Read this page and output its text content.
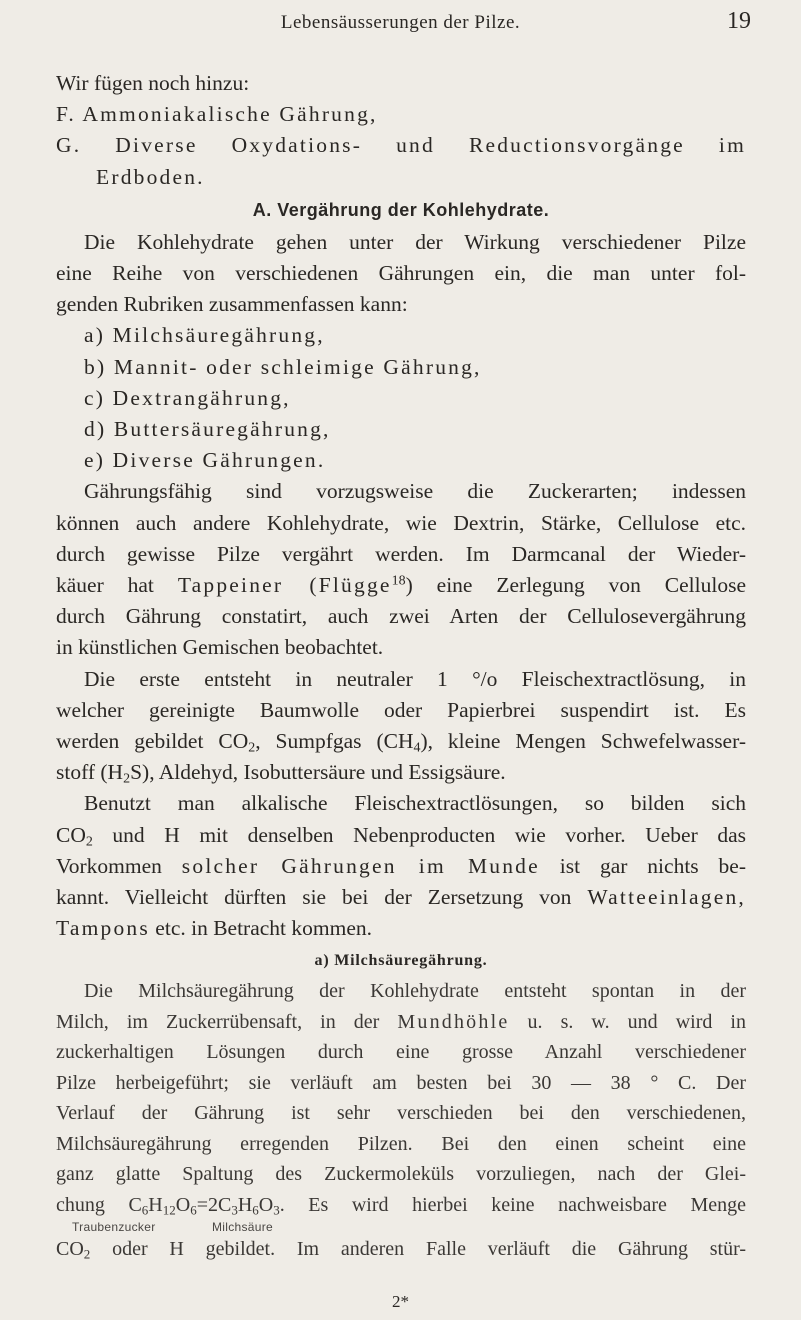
Lebensäusserungen der Pilze.	19
Wir fügen noch hinzu:
F. Ammoniakalische Gährung,
G. Diverse Oxydations- und Reductionsvorgänge im
Erdboden.
A. Vergährung der Kohlehydrate.
Die Kohlehydrate gehen unter der Wirkung verschiedener Pilze
eine Reihe von verschiedenen Gährungen ein, die man unter fol-
genden Rubriken zusammenfassen kann:
a) Milchsäuregährung,
b) Mannit- oder schleimige Gährung,
c) Dextrangährung,
d) Buttersäuregährung,
e) Diverse Gährungen.
Gährungsfähig sind vorzugsweise die Zuckerarten; indessen
können auch andere Kohlehydrate, wie Dextrin, Stärke, Cellulose etc.
durch gewisse Pilze vergährt werden. Im Darmcanal der Wieder-
käuer hat Tappeiner (Flügge$^{18}$) eine Zerlegung von Cellulose
durch Gährung constatirt, auch zwei Arten der Cellulosevergährung
in künstlichen Gemischen beobachtet.
Die erste entsteht in neutraler 1 °/o Fleischextractlösung, in
welcher gereinigte Baumwolle oder Papierbrei suspendirt ist. Es
werden gebildet $CO_2$, Sumpfgas $(CH_4)$, kleine Mengen Schwefelwasser-
stoff $(H_2S)$, Aldehyd, Isobuttersäure und Essigsäure.
Benutzt man alkalische Fleischextractlösungen, so bilden sich
$CO_2$ und H mit denselben Nebenproducten wie vorher. Ueber das
Vorkommen solcher Gährungen im Munde ist gar nichts be-
kannt. Vielleicht dürften sie bei der Zersetzung von Watteeinlagen,
Tampons etc. in Betracht kommen.
a) Milchsäuregährung.
Die Milchsäuregährung der Kohlehydrate entsteht spontan in der
Milch, im Zuckerrübensaft, in der Mundhöhle u. s. w. und wird in
zuckerhaltigen Lösungen durch eine grosse Anzahl verschiedener
Pilze herbeigeführt; sie verläuft am besten bei 30 — 38 ° C. Der
Verlauf der Gährung ist sehr verschieden bei den verschiedenen,
Milchsäuregährung erregenden Pilzen. Bei den einen scheint eine
ganz glatte Spaltung des Zuckermoleküls vorzuliegen, nach der Glei-
chung $C_6H_{12}O_6=2C_3H_6O_3$. Es wird hierbei keine nachweisbare Menge
Traubenzucker	Milchsäure
$CO_2$ oder H gebildet. Im anderen Falle verläuft die Gährung stür-
2*
